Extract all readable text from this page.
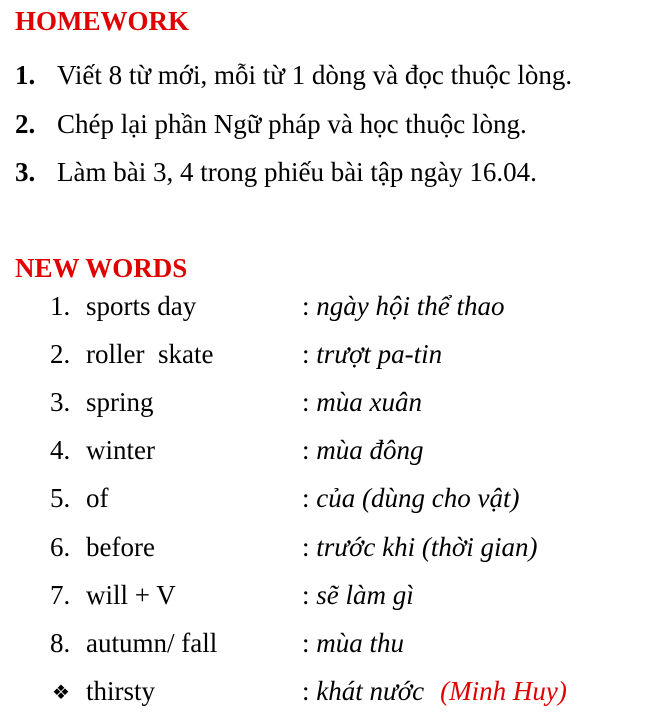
HOMEWORK
1. Viết 8 từ mới, mỗi từ 1 dòng và đọc thuộc lòng.
2. Chép lại phần Ngữ pháp và học thuộc lòng.
3. Làm bài 3, 4 trong phiếu bài tập ngày 16.04.
NEW WORDS
1. sports day	: ngày hội thể thao
2. roller  skate	: trượt pa-tin
3. spring	: mùa xuân
4. winter	: mùa đông
5. of	: của (dùng cho vật)
6. before	: trước khi (thời gian)
7. will + V	: sẽ làm gì
8. autumn/ fall	: mùa thu
❖ thirsty	: khát nước (Minh Huy)
